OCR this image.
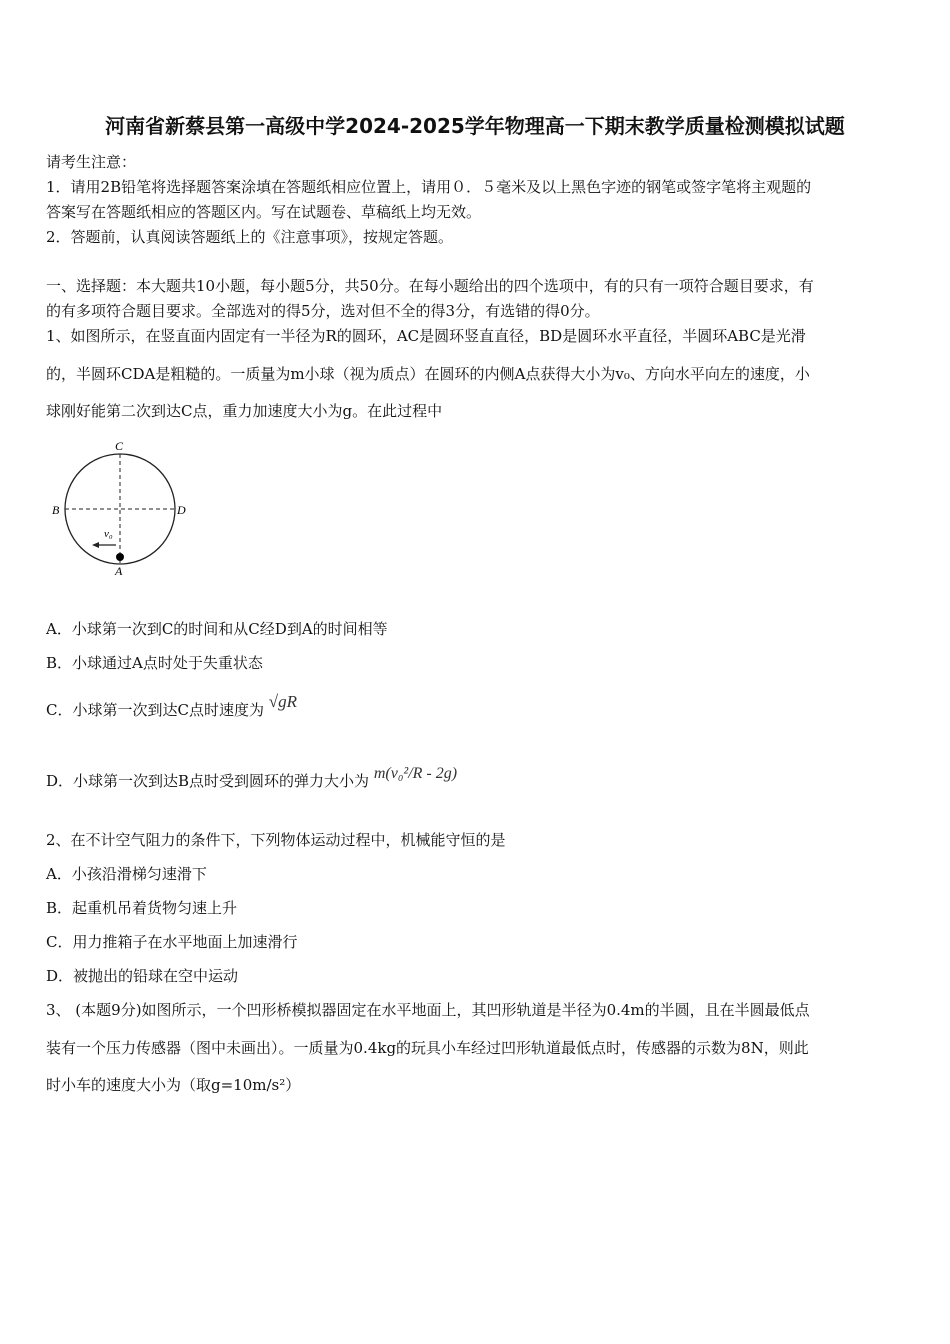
河南省新蔡县第一高级中学2024-2025学年物理高一下期末教学质量检测模拟试题
请考生注意：
1．请用2B铅笔将选择题答案涂填在答题纸相应位置上，请用０．５毫米及以上黑色字迹的钢笔或签字笔将主观题的
答案写在答题纸相应的答题区内。写在试题卷、草稿纸上均无效。
2．答题前，认真阅读答题纸上的《注意事项》，按规定答题。
一、选择题：本大题共10小题，每小题5分，共50分。在每小题给出的四个选项中，有的只有一项符合题目要求，有
的有多项符合题目要求。全部选对的得5分，选对但不全的得3分，有选错的得0分。
1、如图所示，在竖直面内固定有一半径为R的圆环，AC是圆环竖直直径，BD是圆环水平直径，半圆环ABC是光滑
的，半圆环CDA是粗糙的。一质量为m小球（视为质点）在圆环的内侧A点获得大小为v₀、方向水平向左的速度，小
球刚好能第二次到达C点，重力加速度大小为g。在此过程中
C
B	D
A
v₀
A．小球第一次到C的时间和从C经D到A的时间相等
B．小球通过A点时处于失重状态
C．小球第一次到达C点时速度为 √gR
D．小球第一次到达B点时受到圆环的弹力大小为 m(v₀²/R - 2g)
2、在不计空气阻力的条件下，下列物体运动过程中，机械能守恒的是
A．小孩沿滑梯匀速滑下
B．起重机吊着货物匀速上升
C．用力推箱子在水平地面上加速滑行
D．被抛出的铅球在空中运动
3、 (本题9分)如图所示，一个凹形桥模拟器固定在水平地面上，其凹形轨道是半径为0.4m的半圆，且在半圆最低点
装有一个压力传感器（图中未画出）。一质量为0.4kg的玩具小车经过凹形轨道最低点时，传感器的示数为8N，则此
时小车的速度大小为（取g=10m/s²）
